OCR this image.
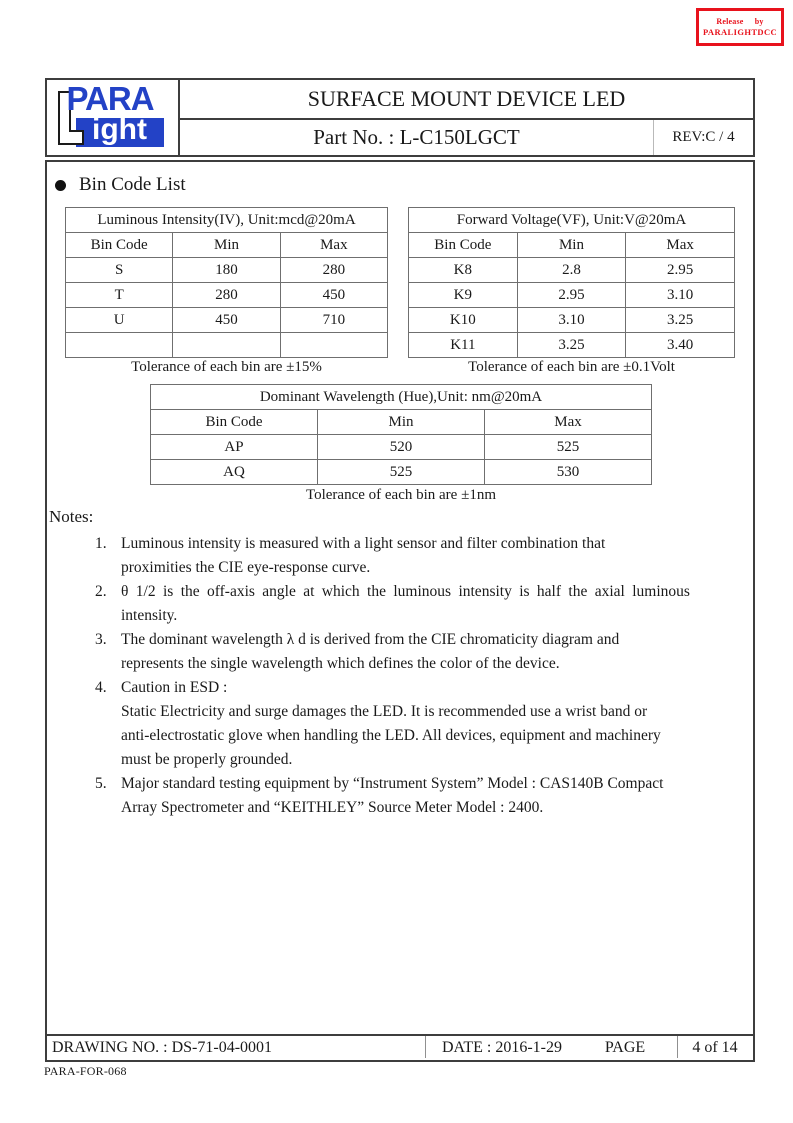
Release by
PARALIGHTDCC
ight
PARA	SURFACE MOUNT DEVICE LED
Part No. : L-C150LGCT	REV:C / 4
Bin Code List
Luminous Intensity(IV), Unit:mcd@20mA		
Bin Code	Min	Max
S	180	280
T	280	450
U	450	710

Forward Voltage(VF), Unit:V@20mA		
Bin Code	Min	Max
K8	2.8	2.95
K9	2.95	3.10
K10	3.10	3.25
K11	3.25	3.40
Tolerance of each bin are ±15%	Tolerance of each bin are ±0.1Volt
Dominant Wavelength (Hue),Unit: nm@20mA		
Bin Code	Min	Max
AP	520	525
AQ	525	530
Tolerance of each bin are ±1nm
Notes:
1. Luminous intensity is measured with a light sensor and filter combination that
proximities the CIE eye-response curve.
2. θ 1/2 is the off-axis angle at which the luminous intensity is half the axial luminous
intensity.
3. The dominant wavelength λ d is derived from the CIE chromaticity diagram and
represents the single wavelength which defines the color of the device.
4. Caution in ESD :
Static Electricity and surge damages the LED. It is recommended use a wrist band or
anti-electrostatic glove when handling the LED. All devices, equipment and machinery
must be properly grounded.
5. Major standard testing equipment by “Instrument System” Model : CAS140B Compact
Array Spectrometer and “KEITHLEY” Source Meter Model : 2400.
DRAWING NO. : DS-71-04-0001	DATE : 2016-1-29	PAGE	4 of 14
PARA-FOR-068
